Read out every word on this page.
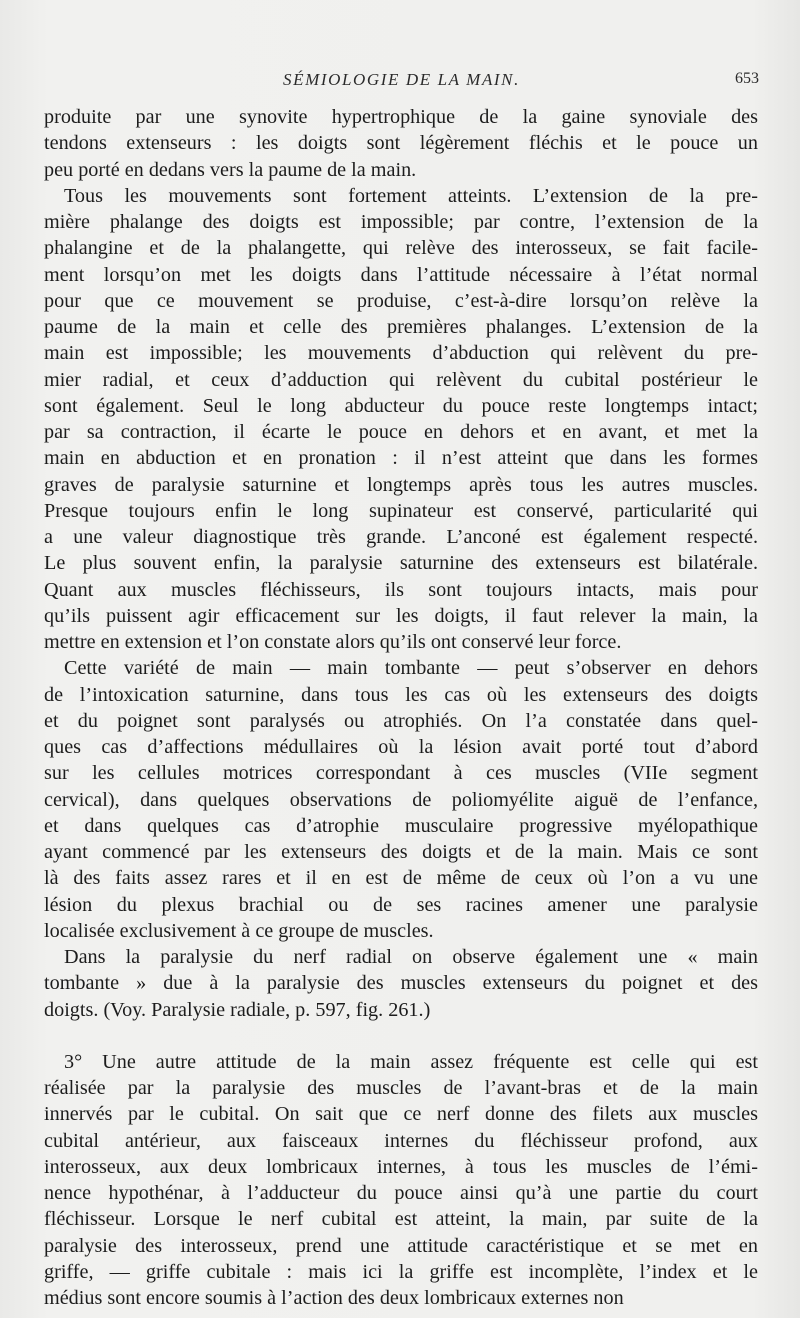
SÉMIOLOGIE DE LA MAIN.	653
produite par une synovite hypertrophique de la gaine synoviale des
tendons extenseurs : les doigts sont légèrement fléchis et le pouce un
peu porté en dedans vers la paume de la main.
Tous les mouvements sont fortement atteints. L’extension de la pre-
mière phalange des doigts est impossible; par contre, l’extension de la
phalangine et de la phalangette, qui relève des interosseux, se fait facile-
ment lorsqu’on met les doigts dans l’attitude nécessaire à l’état normal
pour que ce mouvement se produise, c’est-à-dire lorsqu’on relève la
paume de la main et celle des premières phalanges. L’extension de la
main est impossible; les mouvements d’abduction qui relèvent du pre-
mier radial, et ceux d’adduction qui relèvent du cubital postérieur le
sont également. Seul le long abducteur du pouce reste longtemps intact;
par sa contraction, il écarte le pouce en dehors et en avant, et met la
main en abduction et en pronation : il n’est atteint que dans les formes
graves de paralysie saturnine et longtemps après tous les autres muscles.
Presque toujours enfin le long supinateur est conservé, particularité qui
a une valeur diagnostique très grande. L’anconé est également respecté.
Le plus souvent enfin, la paralysie saturnine des extenseurs est bilatérale.
Quant aux muscles fléchisseurs, ils sont toujours intacts, mais pour
qu’ils puissent agir efficacement sur les doigts, il faut relever la main, la
mettre en extension et l’on constate alors qu’ils ont conservé leur force.
Cette variété de main — main tombante — peut s’observer en dehors
de l’intoxication saturnine, dans tous les cas où les extenseurs des doigts
et du poignet sont paralysés ou atrophiés. On l’a constatée dans quel-
ques cas d’affections médullaires où la lésion avait porté tout d’abord
sur les cellules motrices correspondant à ces muscles (VIIe segment
cervical), dans quelques observations de poliomyélite aiguë de l’enfance,
et dans quelques cas d’atrophie musculaire progressive myélopathique
ayant commencé par les extenseurs des doigts et de la main. Mais ce sont
là des faits assez rares et il en est de même de ceux où l’on a vu une
lésion du plexus brachial ou de ses racines amener une paralysie
localisée exclusivement à ce groupe de muscles.
Dans la paralysie du nerf radial on observe également une « main
tombante » due à la paralysie des muscles extenseurs du poignet et des
doigts. (Voy. Paralysie radiale, p. 597, fig. 261.)
3° Une autre attitude de la main assez fréquente est celle qui est
réalisée par la paralysie des muscles de l’avant-bras et de la main
innervés par le cubital. On sait que ce nerf donne des filets aux muscles
cubital antérieur, aux faisceaux internes du fléchisseur profond, aux
interosseux, aux deux lombricaux internes, à tous les muscles de l’émi-
nence hypothénar, à l’adducteur du pouce ainsi qu’à une partie du court
fléchisseur. Lorsque le nerf cubital est atteint, la main, par suite de la
paralysie des interosseux, prend une attitude caractéristique et se met en
griffe, — griffe cubitale : mais ici la griffe est incomplète, l’index et le
médius sont encore soumis à l’action des deux lombricaux externes non
